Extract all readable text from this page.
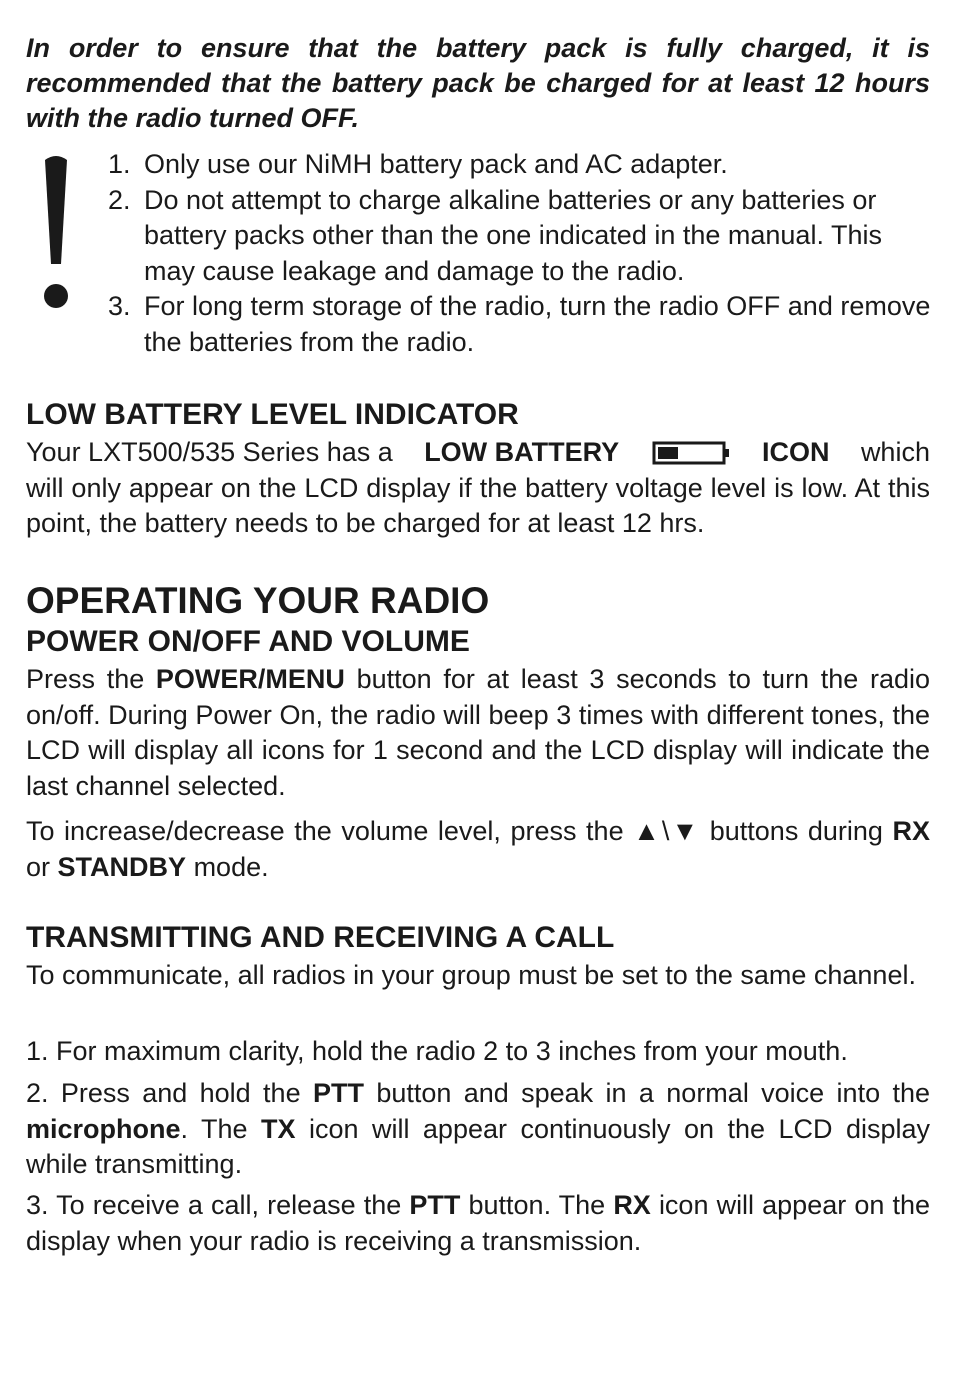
In order to ensure that the battery pack is fully charged, it is recommended that the battery pack be charged for at least 12 hours with the radio turned OFF.

1. Only use our NiMH battery pack and AC adapter.
2. Do not attempt to charge alkaline batteries or any batteries or battery packs other than the one indicated in the manual. This may cause leakage and damage to the radio.
3. For long term storage of the radio, turn the radio OFF and remove the batteries from the radio.
LOW BATTERY LEVEL INDICATOR
Your LXT500/535 Series has a LOW BATTERY	ICON which
will only appear on the LCD display if the battery voltage level is low. At this point, the battery needs to be charged for at least 12 hrs.
OPERATING YOUR RADIO
POWER ON/OFF AND VOLUME

Press the POWER/MENU button for at least 3 seconds to turn the radio on/off. During Power On, the radio will beep 3 times with different tones, the LCD will display all icons for 1 second and the LCD display will indicate the last channel selected.

To increase/decrease the volume level, press the ▲\▼ buttons during RX or STANDBY mode.

TRANSMITTING AND RECEIVING A CALL

To communicate, all radios in your group must be set to the same channel.

1. For maximum clarity, hold the radio 2 to 3 inches from your mouth.

2. Press and hold the PTT button and speak in a normal voice into the microphone. The TX icon will appear continuously on the LCD display while transmitting.

3. To receive a call, release the PTT button. The RX icon will appear on the display when your radio is receiving a transmission.
